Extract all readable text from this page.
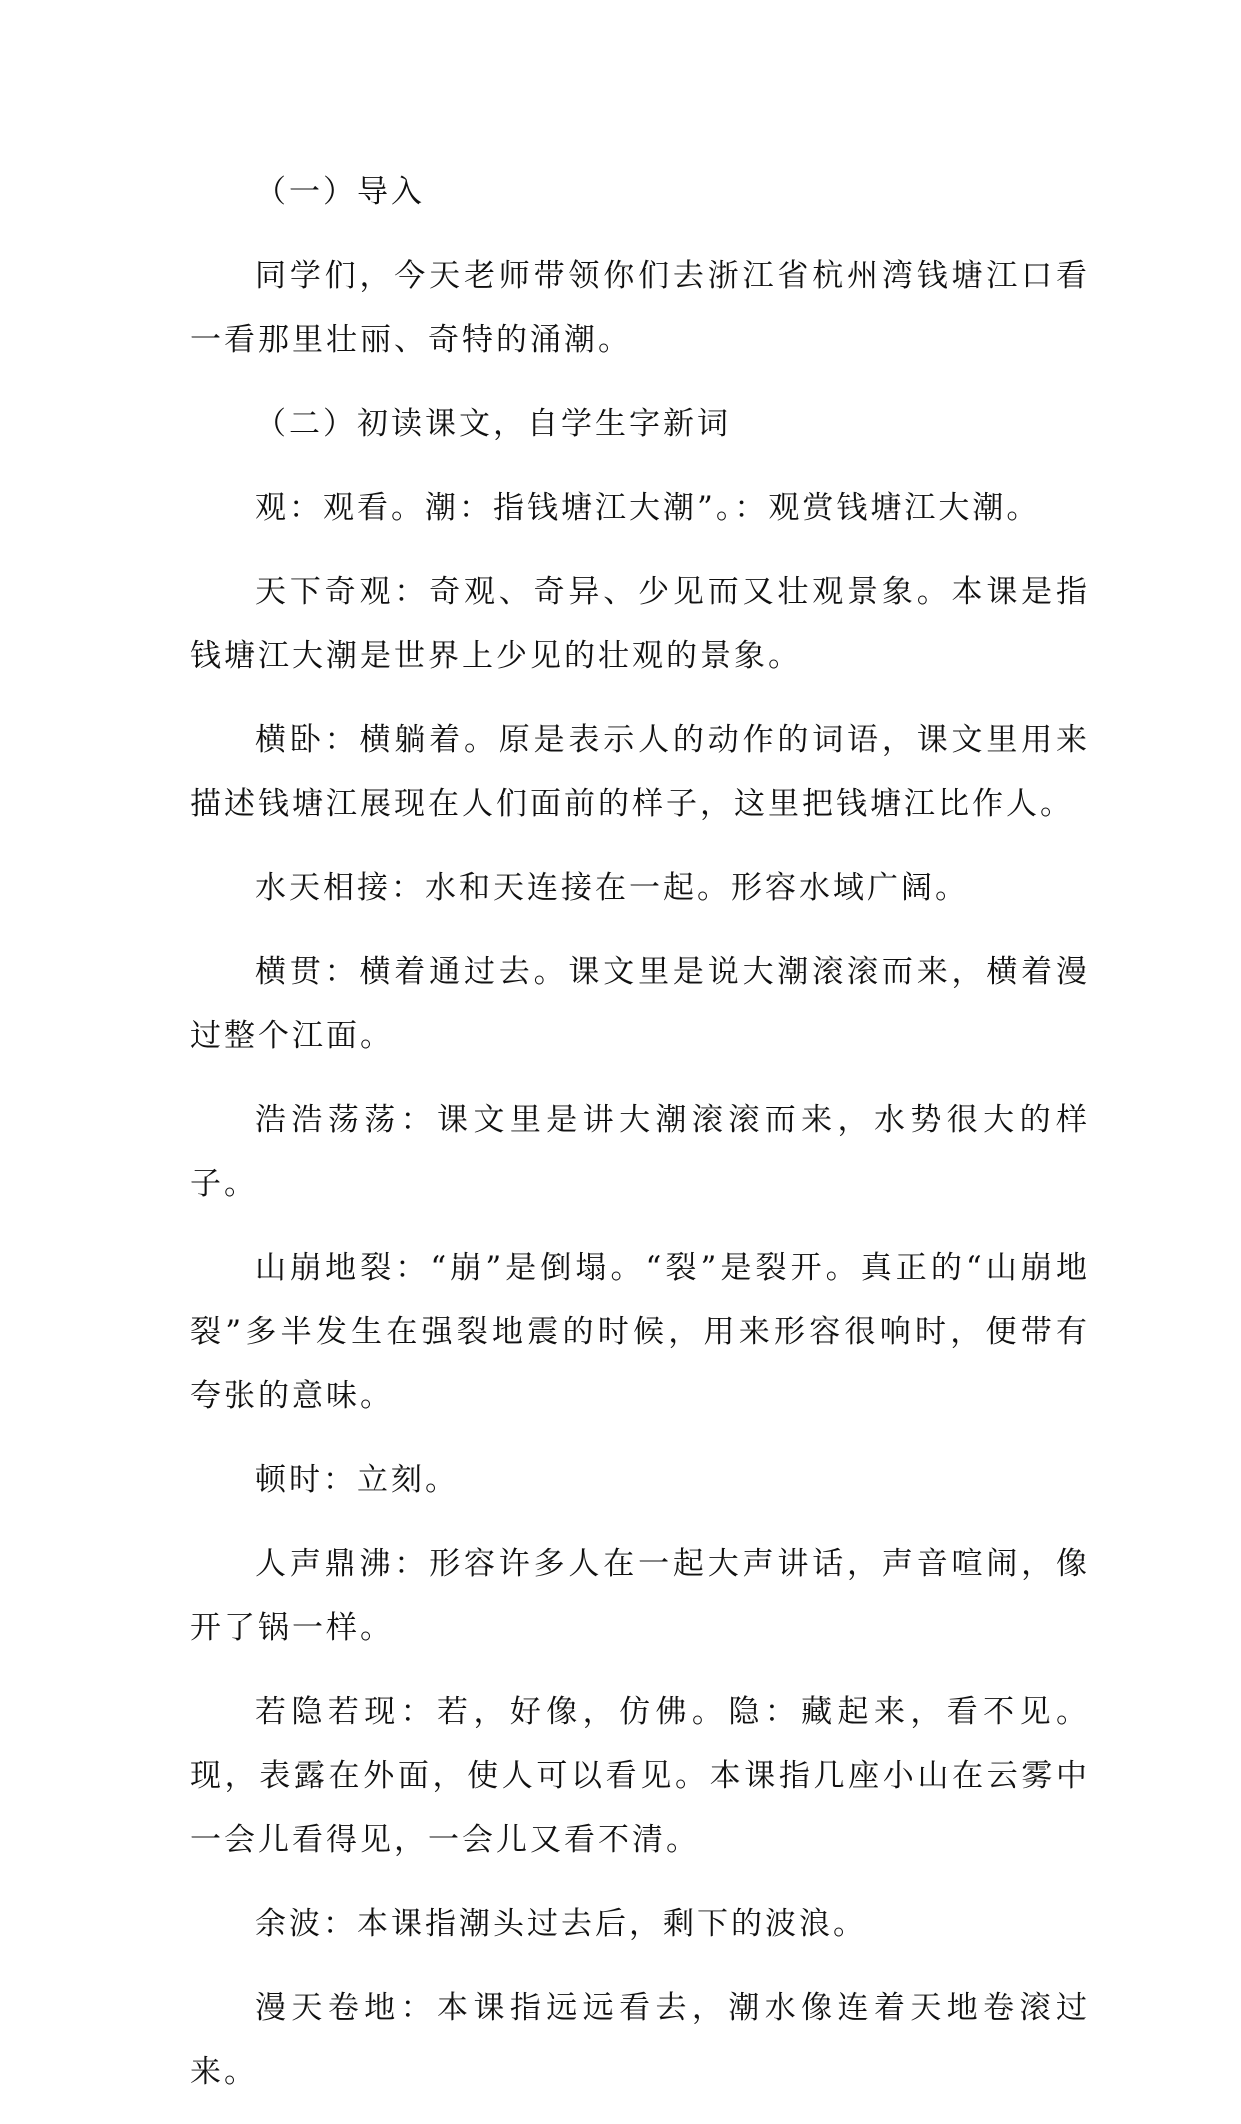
（一）导入

同学们，今天老师带领你们去浙江省杭州湾钱塘江口看一看那里壮丽、奇特的涌潮。

（二）初读课文，自学生字新词

观：观看。潮：指钱塘江大潮”。：观赏钱塘江大潮。

天下奇观：奇观、奇异、少见而又壮观景象。本课是指钱塘江大潮是世界上少见的壮观的景象。

横卧：横躺着。原是表示人的动作的词语，课文里用来描述钱塘江展现在人们面前的样子，这里把钱塘江比作人。

水天相接：水和天连接在一起。形容水域广阔。

横贯：横着通过去。课文里是说大潮滚滚而来，横着漫过整个江面。

浩浩荡荡：课文里是讲大潮滚滚而来，水势很大的样子。

山崩地裂：“崩”是倒塌。“裂”是裂开。真正的“山崩地裂”多半发生在强裂地震的时候，用来形容很响时，便带有夸张的意味。

顿时：立刻。

人声鼎沸：形容许多人在一起大声讲话，声音喧闹，像开了锅一样。

若隐若现：若，好像，仿佛。隐：藏起来，看不见。现，表露在外面，使人可以看见。本课指几座小山在云雾中一会儿看得见，一会儿又看不清。

余波：本课指潮头过去后，剩下的波浪。

漫天卷地：本课指远远看去，潮水像连着天地卷滚过来。
